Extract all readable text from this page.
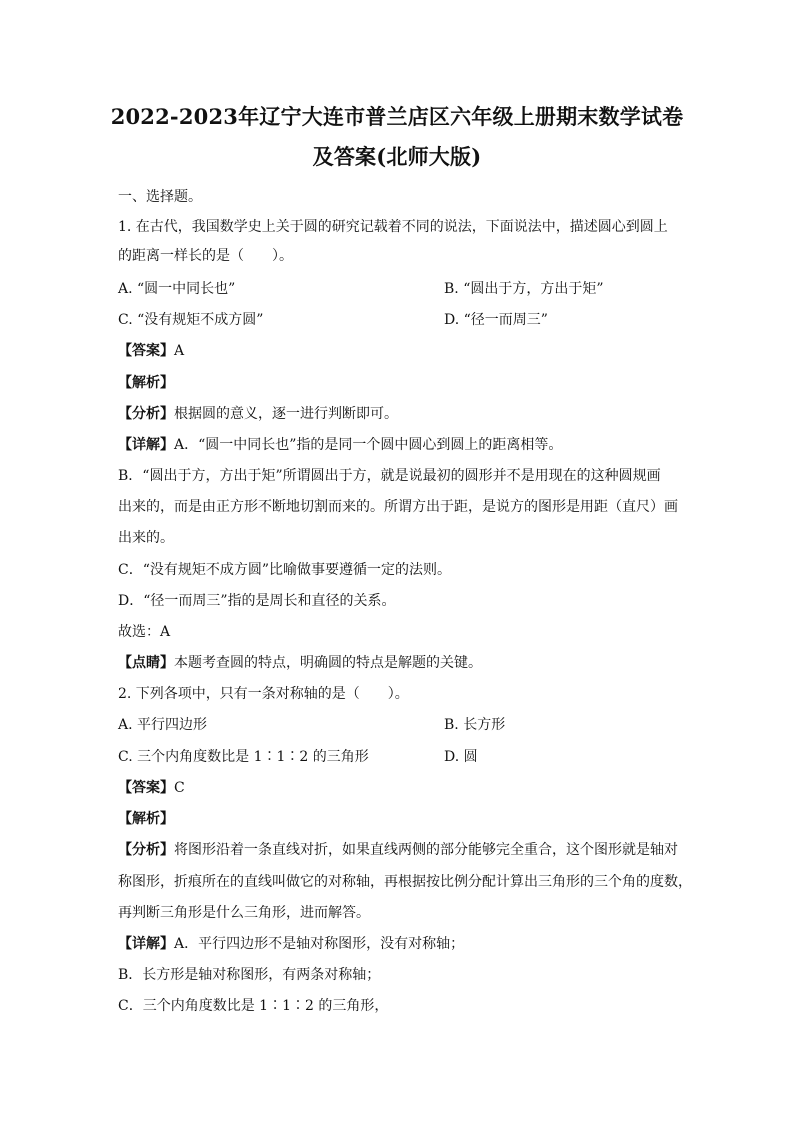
2022-2023年辽宁大连市普兰店区六年级上册期末数学试卷
及答案(北师大版)
一、选择题。
1. 在古代，我国数学史上关于圆的研究记载着不同的说法，下面说法中，描述圆心到圆上
的距离一样长的是（　　）。
A. “圆一中同长也”	B. “圆出于方，方出于矩”
C. “没有规矩不成方圆”	D. “径一而周三”
【答案】A
【解析】
【分析】根据圆的意义，逐一进行判断即可。
【详解】A．“圆一中同长也”指的是同一个圆中圆心到圆上的距离相等。
B．“圆出于方，方出于矩”所谓圆出于方，就是说最初的圆形并不是用现在的这种圆规画
出来的，而是由正方形不断地切割而来的。所谓方出于距，是说方的图形是用距（直尺）画
出来的。
C．“没有规矩不成方圆”比喻做事要遵循一定的法则。
D．“径一而周三”指的是周长和直径的关系。
故选：A
【点睛】本题考查圆的特点，明确圆的特点是解题的关键。
2. 下列各项中，只有一条对称轴的是（　　）。
A. 平行四边形	B. 长方形
C. 三个内角度数比是 1∶1∶2 的三角形	D. 圆
【答案】C
【解析】
【分析】将图形沿着一条直线对折，如果直线两侧的部分能够完全重合，这个图形就是轴对
称图形，折痕所在的直线叫做它的对称轴，再根据按比例分配计算出三角形的三个角的度数，
再判断三角形是什么三角形，进而解答。
【详解】A．平行四边形不是轴对称图形，没有对称轴；
B．长方形是轴对称图形，有两条对称轴；
C．三个内角度数比是 1∶1∶2 的三角形，
